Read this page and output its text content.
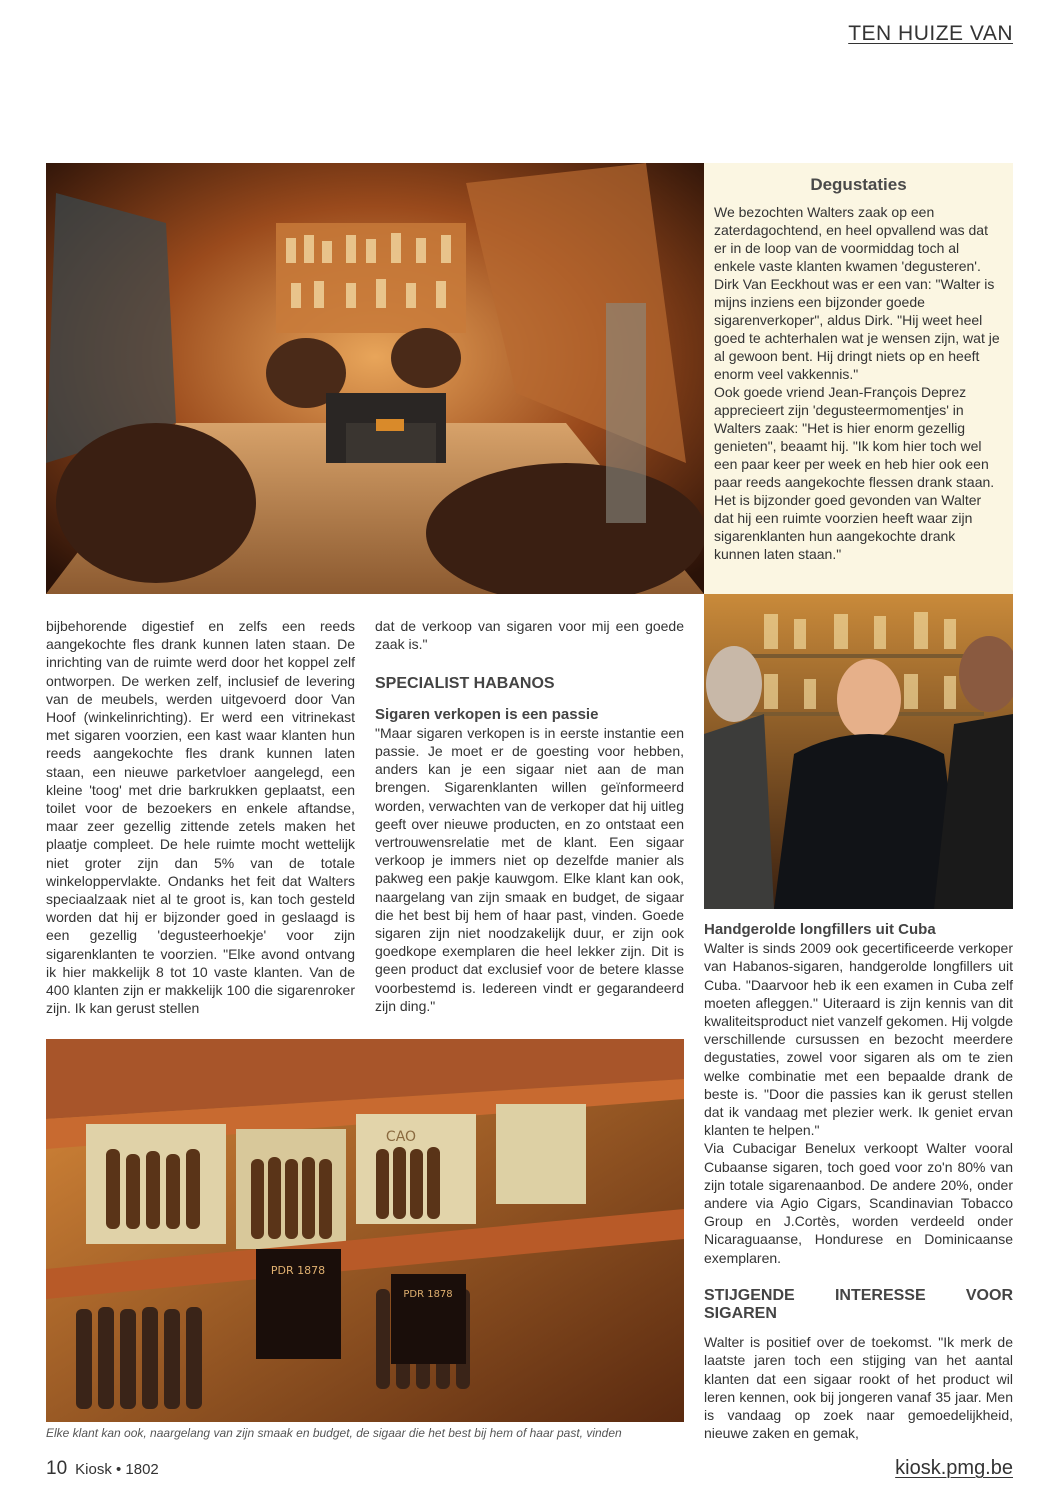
TEN HUIZE VAN
Degustaties
We bezochten Walters zaak op een zaterdagochtend, en heel opvallend was dat er in de loop van de voormiddag toch al enkele vaste klanten kwamen 'degusteren'. Dirk Van Eeckhout was er een van: "Walter is mijns inziens een bijzonder goede sigarenverkoper", aldus Dirk. "Hij weet heel goed te achterhalen wat je wensen zijn, wat je al gewoon bent. Hij dringt niets op en heeft enorm veel vakkennis."
Ook goede vriend Jean-François Deprez apprecieert zijn 'degusteermomentjes' in Walters zaak: "Het is hier enorm gezellig genieten", beaamt hij. "Ik kom hier toch wel een paar keer per week en heb hier ook een paar reeds aangekochte flessen drank staan. Het is bijzonder goed gevonden van Walter dat hij een ruimte voorzien heeft waar zijn sigarenklanten hun aangekochte drank kunnen laten staan."

bijbehorende digestief en zelfs een reeds aangekochte fles drank kunnen laten staan. De inrichting van de ruimte werd door het koppel zelf ontworpen. De werken zelf, inclusief de levering van de meubels, werden uitgevoerd door Van Hoof (winkelinrichting). Er werd een vitrinekast met sigaren voorzien, een kast waar klanten hun reeds aangekochte fles drank kunnen laten staan, een nieuwe parketvloer aangelegd, een kleine 'toog' met drie barkrukken geplaatst, een toilet voor de bezoekers en enkele aftandse, maar zeer gezellig zittende zetels maken het plaatje compleet. De hele ruimte mocht wettelijk niet groter zijn dan 5% van de totale winkeloppervlakte. Ondanks het feit dat Walters speciaalzaak niet al te groot is, kan toch gesteld worden dat hij er bijzonder goed in geslaagd is een gezellig 'degusteerhoekje' voor zijn sigarenklanten te voorzien. "Elke avond ontvang ik hier makkelijk 8 tot 10 vaste klanten. Van de 400 klanten zijn er makkelijk 100 die sigarenroker zijn. Ik kan gerust stellen

dat de verkoop van sigaren voor mij een goede zaak is."

SPECIALIST HABANOS
Sigaren verkopen is een passie

"Maar sigaren verkopen is in eerste instantie een passie. Je moet er de goesting voor hebben, anders kan je een sigaar niet aan de man brengen. Sigarenklanten willen geïnformeerd worden, verwachten van de verkoper dat hij uitleg geeft over nieuwe producten, en zo ontstaat een vertrouwensrelatie met de klant. Een sigaar verkoop je immers niet op dezelfde manier als pakweg een pakje kauwgom. Elke klant kan ook, naargelang van zijn smaak en budget, de sigaar die het best bij hem of haar past, vinden. Goede sigaren zijn niet noodzakelijk duur, er zijn ook goedkope exemplaren die heel lekker zijn. Dit is geen product dat exclusief voor de betere klasse voorbestemd is. Iedereen vindt er gegarandeerd zijn ding."

Handgerolde longfillers uit Cuba

Walter is sinds 2009 ook gecertificeerde verkoper van Habanos-sigaren, handgerolde longfillers uit Cuba. "Daarvoor heb ik een examen in Cuba zelf moeten afleggen." Uiteraard is zijn kennis van dit kwaliteitsproduct niet vanzelf gekomen. Hij volgde verschillende cursussen en bezocht meerdere degustaties, zowel voor sigaren als om te zien welke combinatie met een bepaalde drank de beste is. "Door die passies kan ik gerust stellen dat ik vandaag met plezier werk. Ik geniet ervan klanten te helpen."
Via Cubacigar Benelux verkoopt Walter vooral Cubaanse sigaren, toch goed voor zo'n 80% van zijn totale sigarenaanbod. De andere 20%, onder andere via Agio Cigars, Scandinavian Tobacco Group en J.Cortès, worden verdeeld onder Nicaraguaanse, Hondurese en Dominicaanse exemplaren.

STIJGENDE INTERESSE VOOR SIGAREN

Walter is positief over de toekomst. "Ik merk de laatste jaren toch een stijging van het aantal klanten dat een sigaar rookt of het product wil leren kennen, ook bij jongeren vanaf 35 jaar. Men is vandaag op zoek naar gemoedelijkheid, nieuwe zaken en gemak,

PDR 1878
PDR 1878
CAO
Elke klant kan ook, naargelang van zijn smaak en budget, de sigaar die het best bij hem of haar past, vinden
10 Kiosk • 1802	kiosk.pmg.be
